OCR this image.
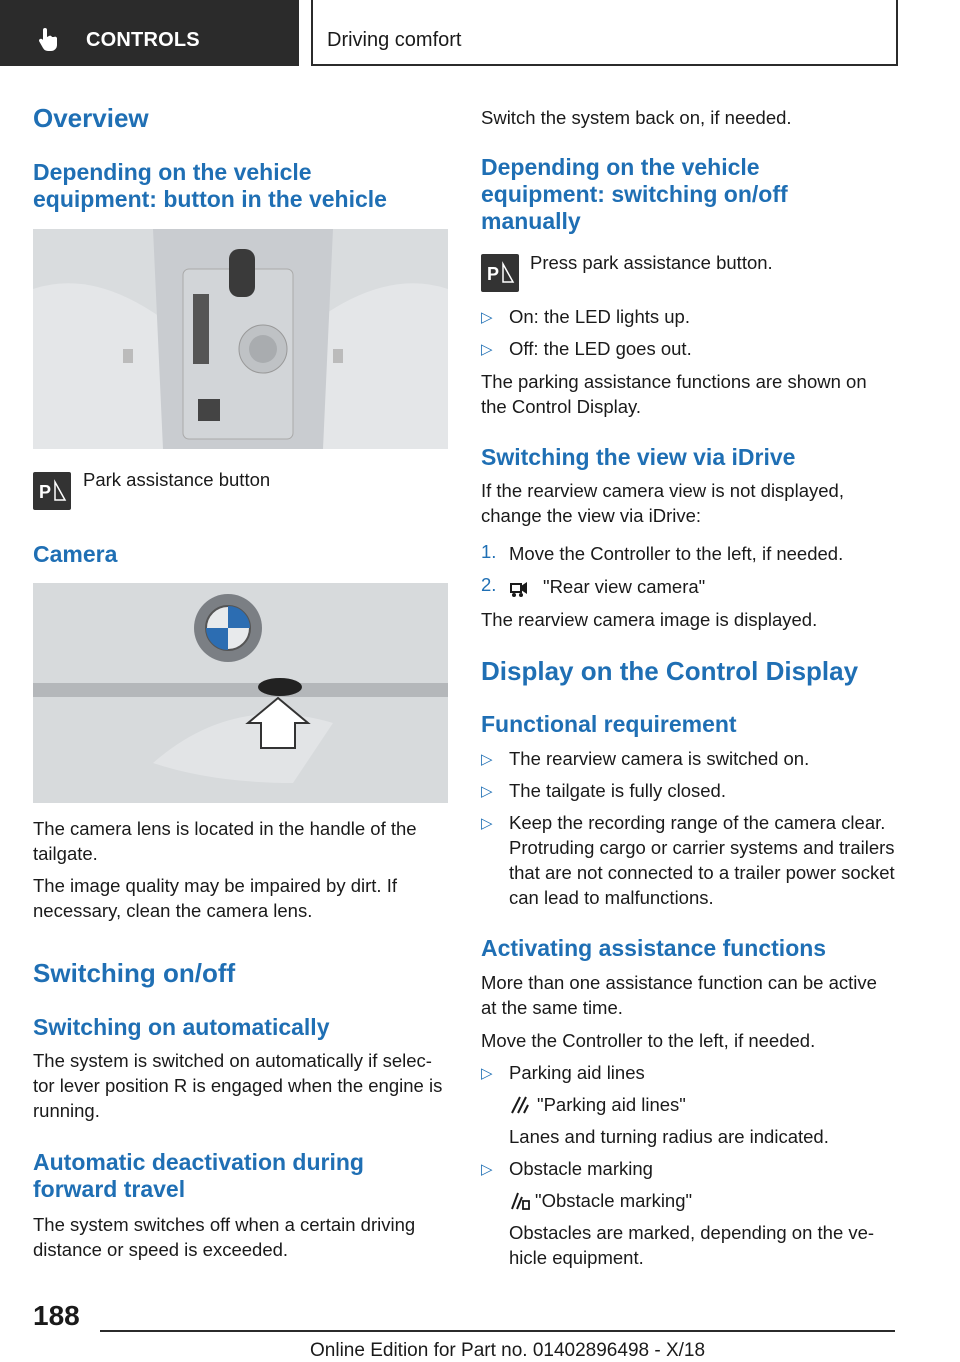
CONTROLS	Driving comfort
Overview
Depending on the vehicle equipment: button in the vehicle
P
Park assistance button
Camera
The camera lens is located in the handle of the tailgate.
The image quality may be impaired by dirt. If necessary, clean the camera lens.
Switching on/off
Switching on automatically
The system is switched on automatically if selec‐tor lever position R is engaged when the engine is running.
Automatic deactivation during forward travel
The system switches off when a certain driving distance or speed is exceeded.
Switch the system back on, if needed.
Depending on the vehicle equipment: switching on/off manually
P
Press park assistance button.
▷ On: the LED lights up.
▷ Off: the LED goes out.
The parking assistance functions are shown on the Control Display.
Switching the view via iDrive
If the rearview camera view is not displayed, change the view via iDrive:
1. Move the Controller to the left, if needed.
2.	"Rear view camera"
The rearview camera image is displayed.
Display on the Control Display
Functional requirement
▷ The rearview camera is switched on.
▷ The tailgate is fully closed.
▷ Keep the recording range of the camera clear. Protruding cargo or carrier systems and trailers that are not connected to a trailer power socket can lead to malfunctions.
Activating assistance functions
More than one assistance function can be active at the same time.
Move the Controller to the left, if needed.
▷ Parking aid lines
"Parking aid lines"
Lanes and turning radius are indicated.
▷ Obstacle marking
"Obstacle marking"
Obstacles are marked, depending on the ve‐hicle equipment.
188
Online Edition for Part no. 01402896498 - X/18
